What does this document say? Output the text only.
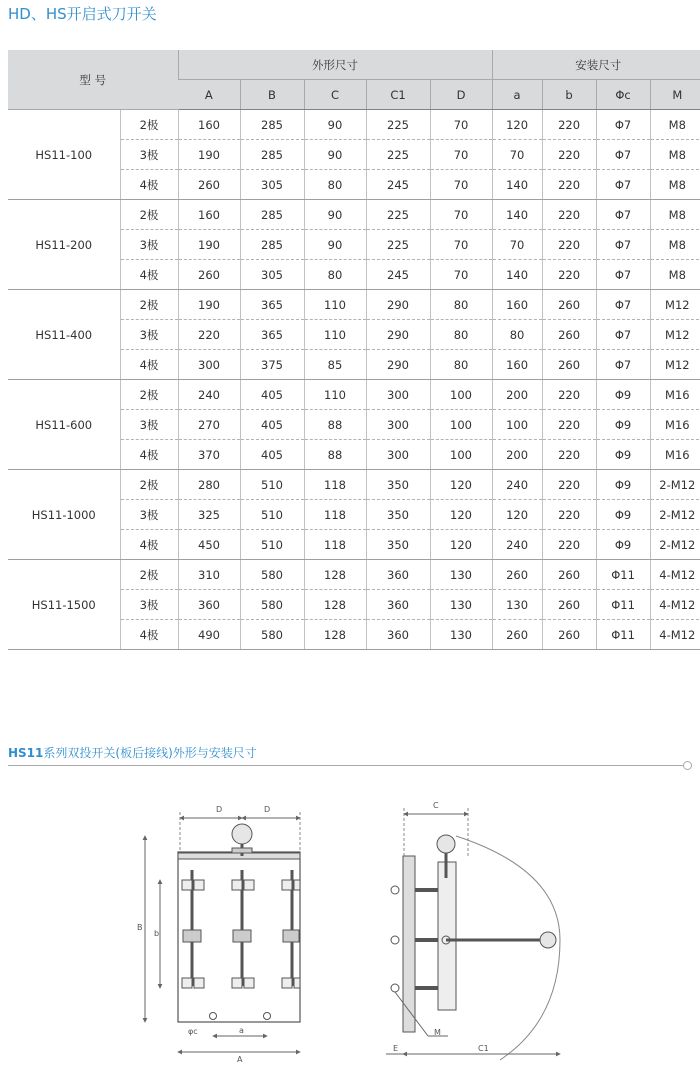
HD、HS开启式刀开关
型 号		外形尺寸					安装尺寸			
		A	B	C	C1	D	a	b	Φc	M
HS11-100	2极	160	285	90	225	70	120	220	Φ7	M8
	3极	190	285	90	225	70	70	220	Φ7	M8
	4极	260	305	80	245	70	140	220	Φ7	M8
HS11-200	2极	160	285	90	225	70	140	220	Φ7	M8
	3极	190	285	90	225	70	70	220	Φ7	M8
	4极	260	305	80	245	70	140	220	Φ7	M8
HS11-400	2极	190	365	110	290	80	160	260	Φ7	M12
	3极	220	365	110	290	80	80	260	Φ7	M12
	4极	300	375	85	290	80	160	260	Φ7	M12
HS11-600	2极	240	405	110	300	100	200	220	Φ9	M16
	3极	270	405	88	300	100	100	220	Φ9	M16
	4极	370	405	88	300	100	200	220	Φ9	M16
HS11-1000	2极	280	510	118	350	120	240	220	Φ9	2-M12
	3极	325	510	118	350	120	120	220	Φ9	2-M12
	4极	450	510	118	350	120	240	220	Φ9	2-M12
HS11-1500	2极	310	580	128	360	130	260	260	Φ11	4-M12
	3极	360	580	128	360	130	130	260	Φ11	4-M12
	4极	490	580	128	360	130	260	260	Φ11	4-M12
HS11系列双投开关(板后接线)外形与安装尺寸
D	D
B
b
φc	a
A
C
M
E	C1
